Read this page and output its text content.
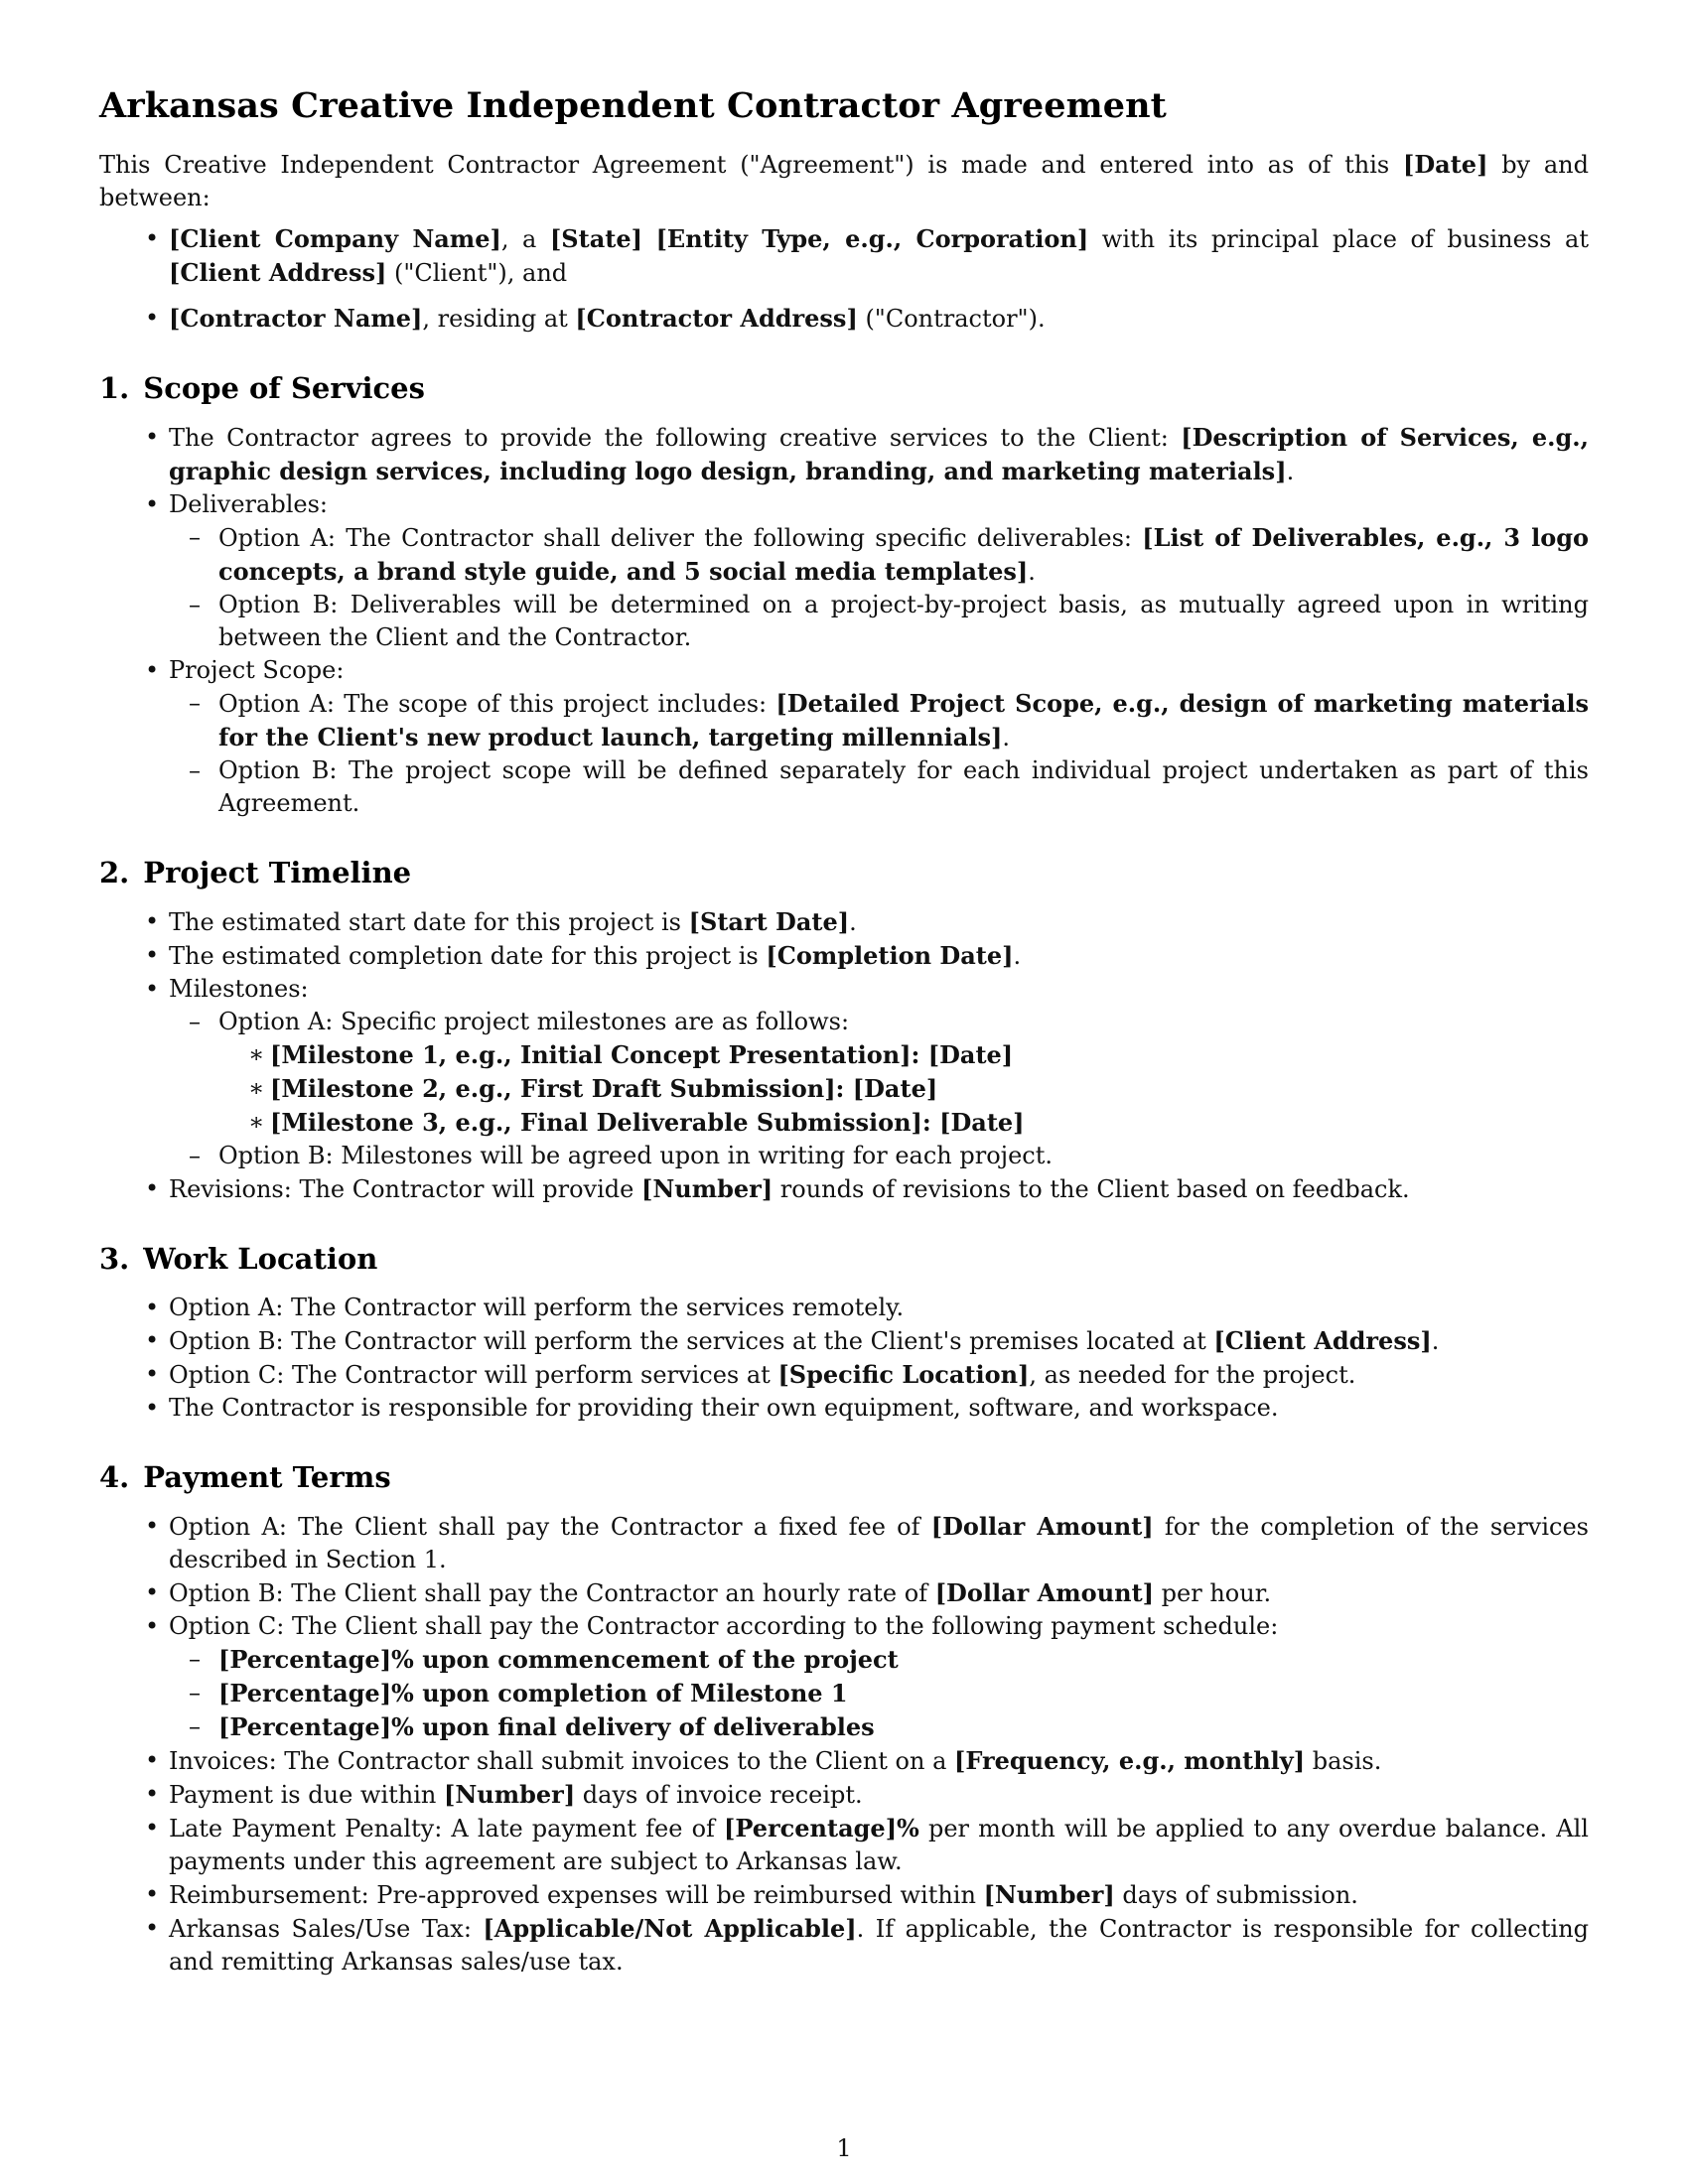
Arkansas Creative Independent Contractor Agreement

This Creative Independent Contractor Agreement ("Agreement") is made and entered into as of this [Date] by and between:

• [Client Company Name], a [State] [Entity Type, e.g., Corporation] with its principal place of business at [Client Address] ("Client"), and
• [Contractor Name], residing at [Contractor Address] ("Contractor").
1. Scope of Services
• The Contractor agrees to provide the following creative services to the Client: [Description of Services, e.g., graphic design services, including logo design, branding, and marketing materials].
• Deliverables:
– Option A: The Contractor shall deliver the following specific deliverables: [List of Deliverables, e.g., 3 logo concepts, a brand style guide, and 5 social media templates].
– Option B: Deliverables will be determined on a project-by-project basis, as mutually agreed upon in writing between the Client and the Contractor.
• Project Scope:
– Option A: The scope of this project includes: [Detailed Project Scope, e.g., design of marketing materials for the Client's new product launch, targeting millennials].
– Option B: The project scope will be defined separately for each individual project undertaken as part of this Agreement.
2. Project Timeline
• The estimated start date for this project is [Start Date].
• The estimated completion date for this project is [Completion Date].
• Milestones:
– Option A: Specific project milestones are as follows:
∗ [Milestone 1, e.g., Initial Concept Presentation]: [Date]
∗ [Milestone 2, e.g., First Draft Submission]: [Date]
∗ [Milestone 3, e.g., Final Deliverable Submission]: [Date]
– Option B: Milestones will be agreed upon in writing for each project.
• Revisions: The Contractor will provide [Number] rounds of revisions to the Client based on feedback.
3. Work Location
• Option A: The Contractor will perform the services remotely.
• Option B: The Contractor will perform the services at the Client's premises located at [Client Address].
• Option C: The Contractor will perform services at [Specific Location], as needed for the project.
• The Contractor is responsible for providing their own equipment, software, and workspace.
4. Payment Terms
• Option A: The Client shall pay the Contractor a fixed fee of [Dollar Amount] for the completion of the services described in Section 1.
• Option B: The Client shall pay the Contractor an hourly rate of [Dollar Amount] per hour.
• Option C: The Client shall pay the Contractor according to the following payment schedule:
– [Percentage]% upon commencement of the project
– [Percentage]% upon completion of Milestone 1
– [Percentage]% upon final delivery of deliverables
• Invoices: The Contractor shall submit invoices to the Client on a [Frequency, e.g., monthly] basis.
• Payment is due within [Number] days of invoice receipt.
• Late Payment Penalty: A late payment fee of [Percentage]% per month will be applied to any overdue balance. All payments under this agreement are subject to Arkansas law.
• Reimbursement: Pre-approved expenses will be reimbursed within [Number] days of submission.
• Arkansas Sales/Use Tax: [Applicable/Not Applicable]. If applicable, the Contractor is responsible for collecting and remitting Arkansas sales/use tax.
1
